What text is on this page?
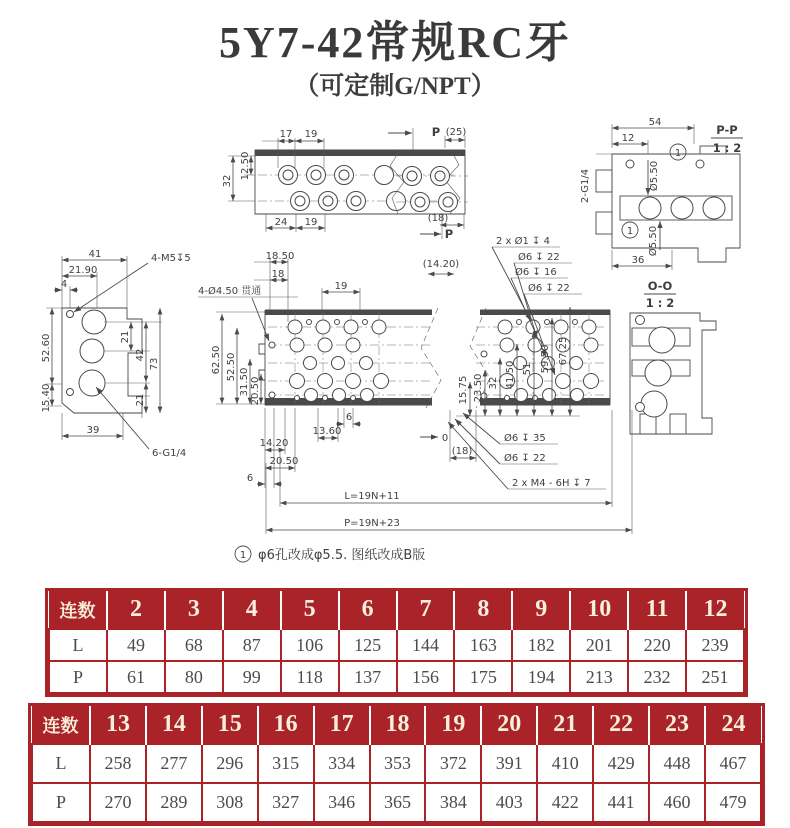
5Y7-42常规RC牙
（可定制G/NPT）
17 19
32
12.50
24 19
P (25)
(18)
P
P-P
1 : 2
54
12
Ø5.50
1
2-G1/4
1 Ø5.50
36
O-O
1 : 2
4-M5↧5
6-G1/4
41
21.90
4
52.60
15.40
21
42
73
21
39
18.50
18
19
4-Ø4.50 贯通
62.50 52.50
31.50 20.50
6
13.60
14.20
20.50
6
L=19N+11
P=19N+23
0
(18)
(14.20)
2 x Ø1 ↧ 4
Ø6 ↧ 22
Ø6 ↧ 16
Ø6 ↧ 22
15.75 23.50 32 41.50 51 59.50 67.25
Ø6 ↧ 35
Ø6 ↧ 22
2 x M4 - 6H ↧ 7
1 φ6孔改成φ5.5. 图纸改成B版
连数	2	3	4	5	6	7	8	9	10	11	12
L	49	68	87	106	125	144	163	182	201	220	239
P	61	80	99	118	137	156	175	194	213	232	251
连数	13	14	15	16	17	18	19	20	21	22	23	24
L	258	277	296	315	334	353	372	391	410	429	448	467
P	270	289	308	327	346	365	384	403	422	441	460	479
